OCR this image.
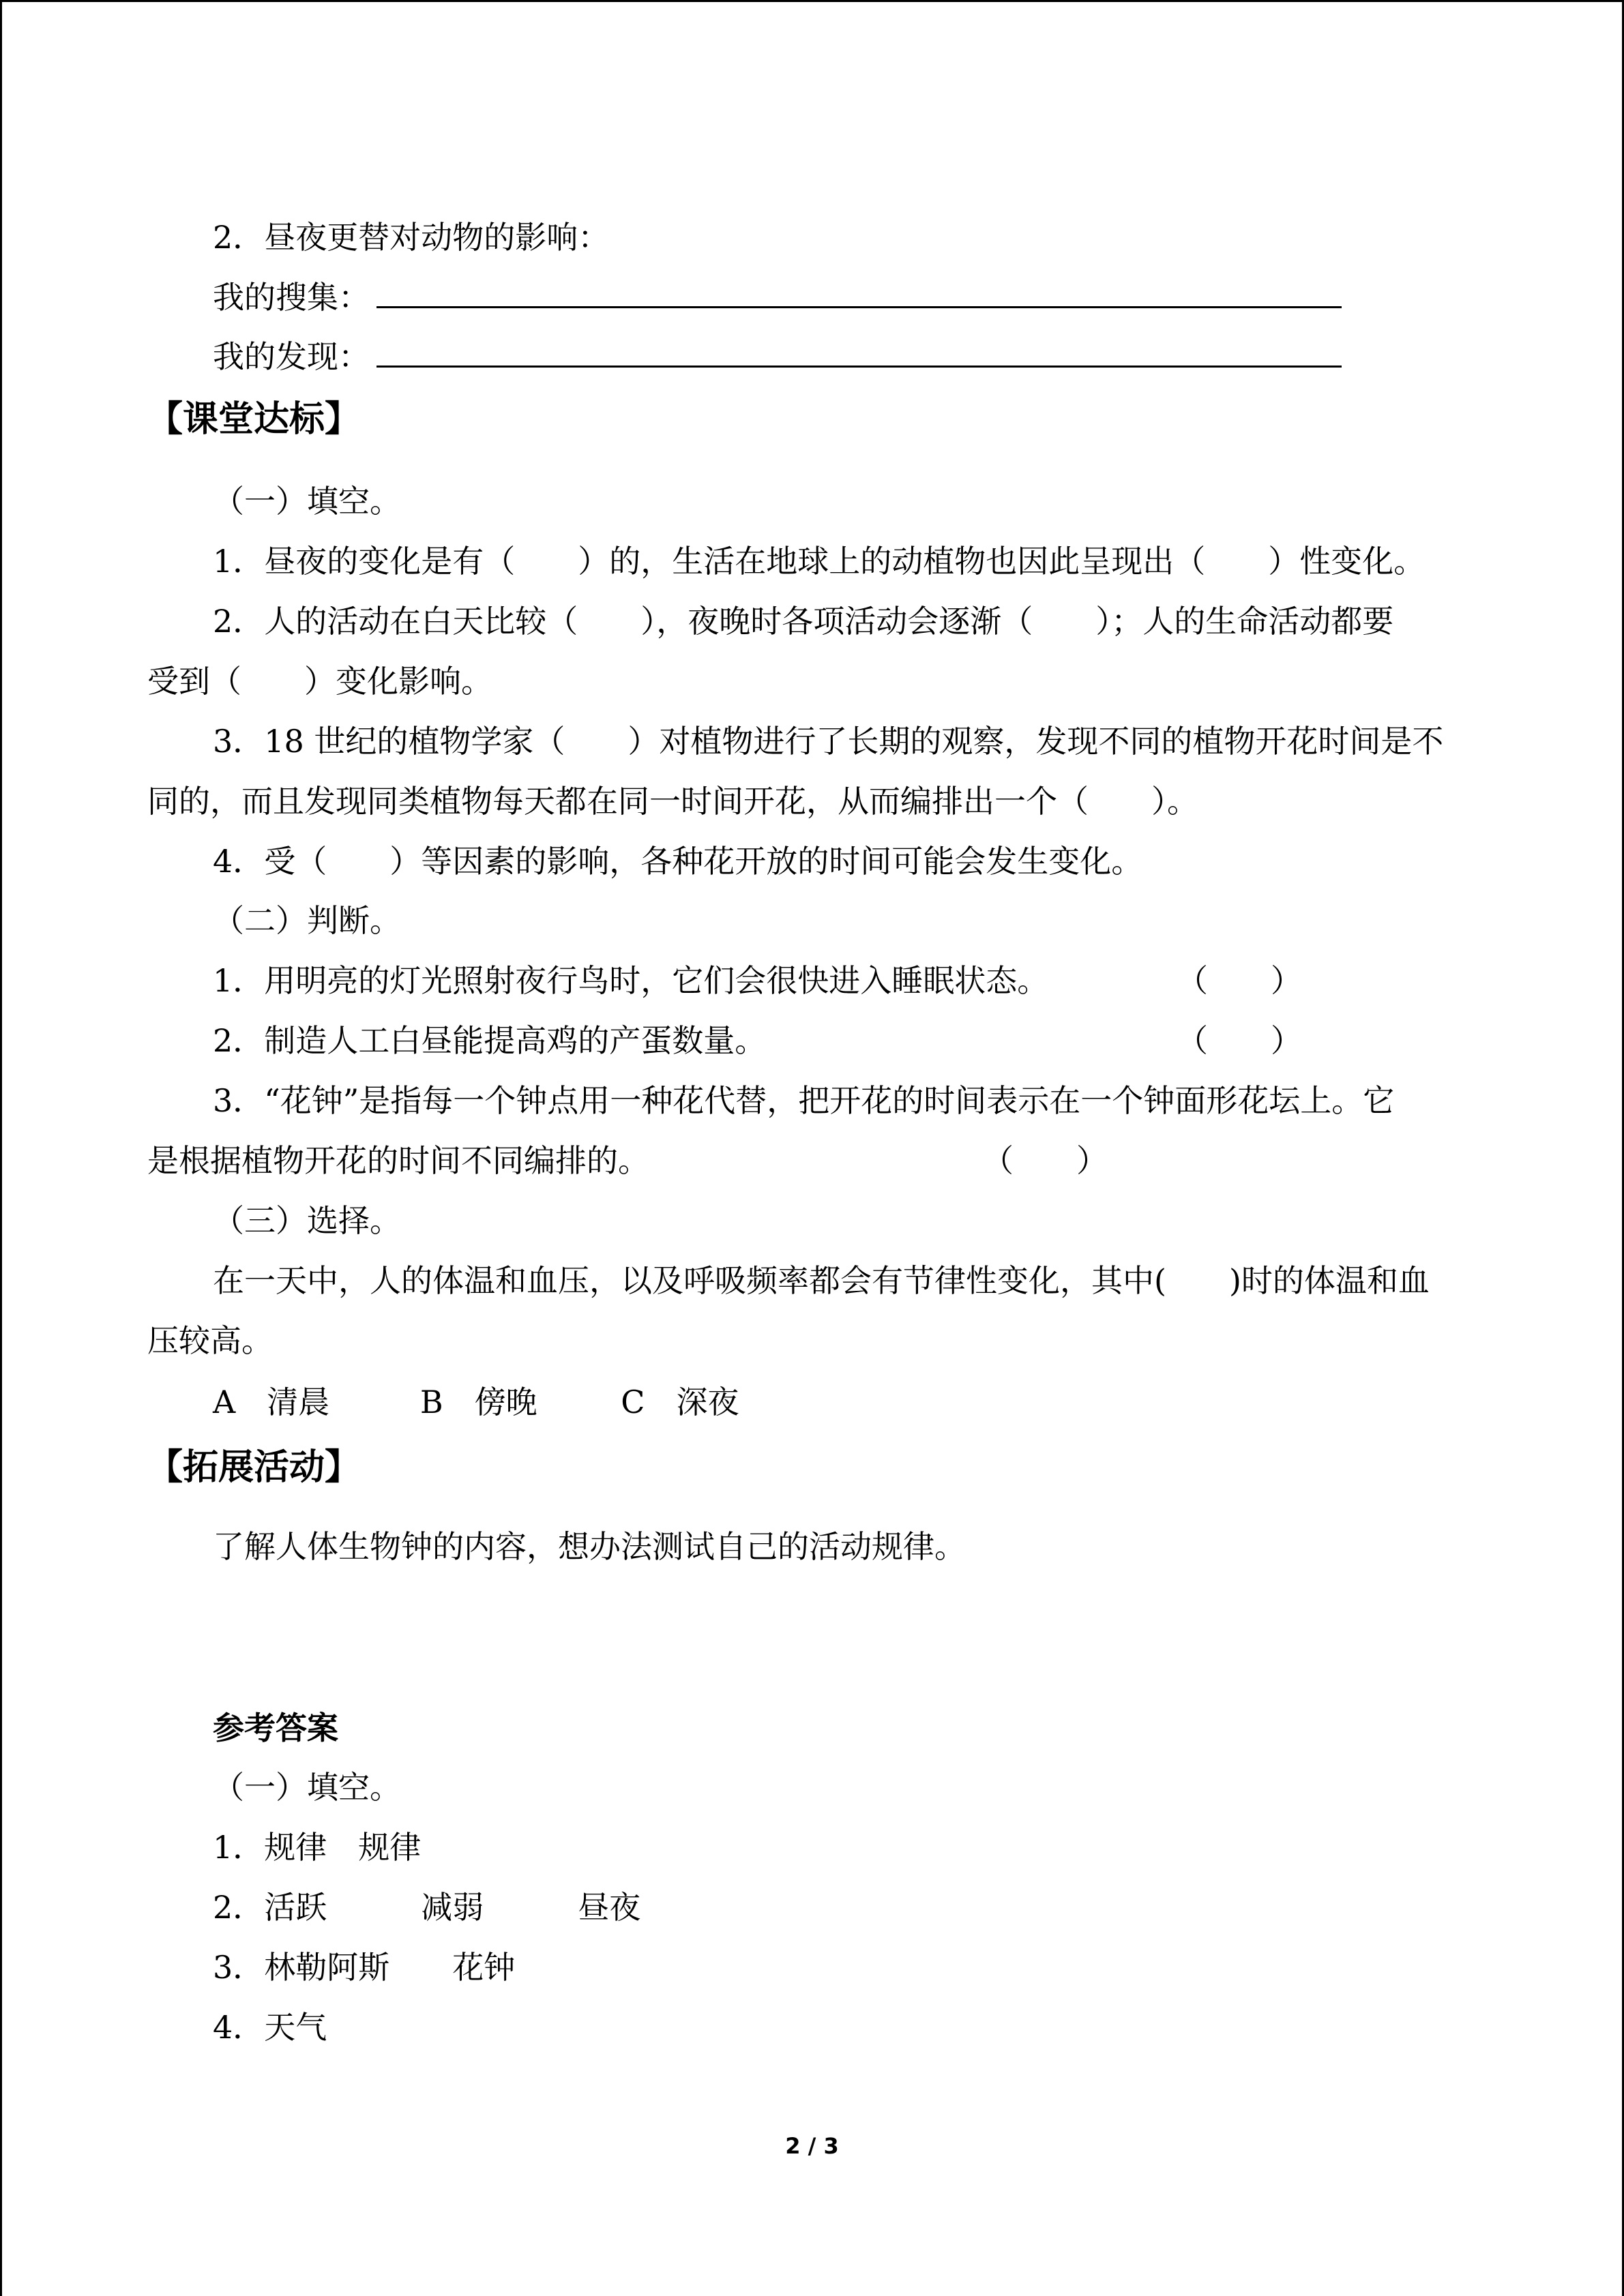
2．昼夜更替对动物的影响：
我的搜集：
我的发现：
【课堂达标】
（一）填空。
1．昼夜的变化是有（　　）的，生活在地球上的动植物也因此呈现出（　　）性变化。
2．人的活动在白天比较（　　），夜晚时各项活动会逐渐（　　）；人的生命活动都要
受到（　　）变化影响。
3．18 世纪的植物学家（　　）对植物进行了长期的观察，发现不同的植物开花时间是不
同的，而且发现同类植物每天都在同一时间开花，从而编排出一个（　　）。
4．受（　　）等因素的影响，各种花开放的时间可能会发生变化。
（二）判断。
1．用明亮的灯光照射夜行鸟时，它们会很快进入睡眠状态。	（　　）
2．制造人工白昼能提高鸡的产蛋数量。	（　　）
3．“花钟”是指每一个钟点用一种花代替，把开花的时间表示在一个钟面形花坛上。它
是根据植物开花的时间不同编排的。	（　　）
（三）选择。
在一天中，人的体温和血压，以及呼吸频率都会有节律性变化，其中(　　)时的体温和血
压较高。
A　清晨	B　傍晚	C　深夜
【拓展活动】
了解人体生物钟的内容，想办法测试自己的活动规律。
参考答案
（一）填空。
1．规律　规律
2．活跃　　　减弱　　　昼夜
3．林勒阿斯　　花钟
4．天气
2 / 3
